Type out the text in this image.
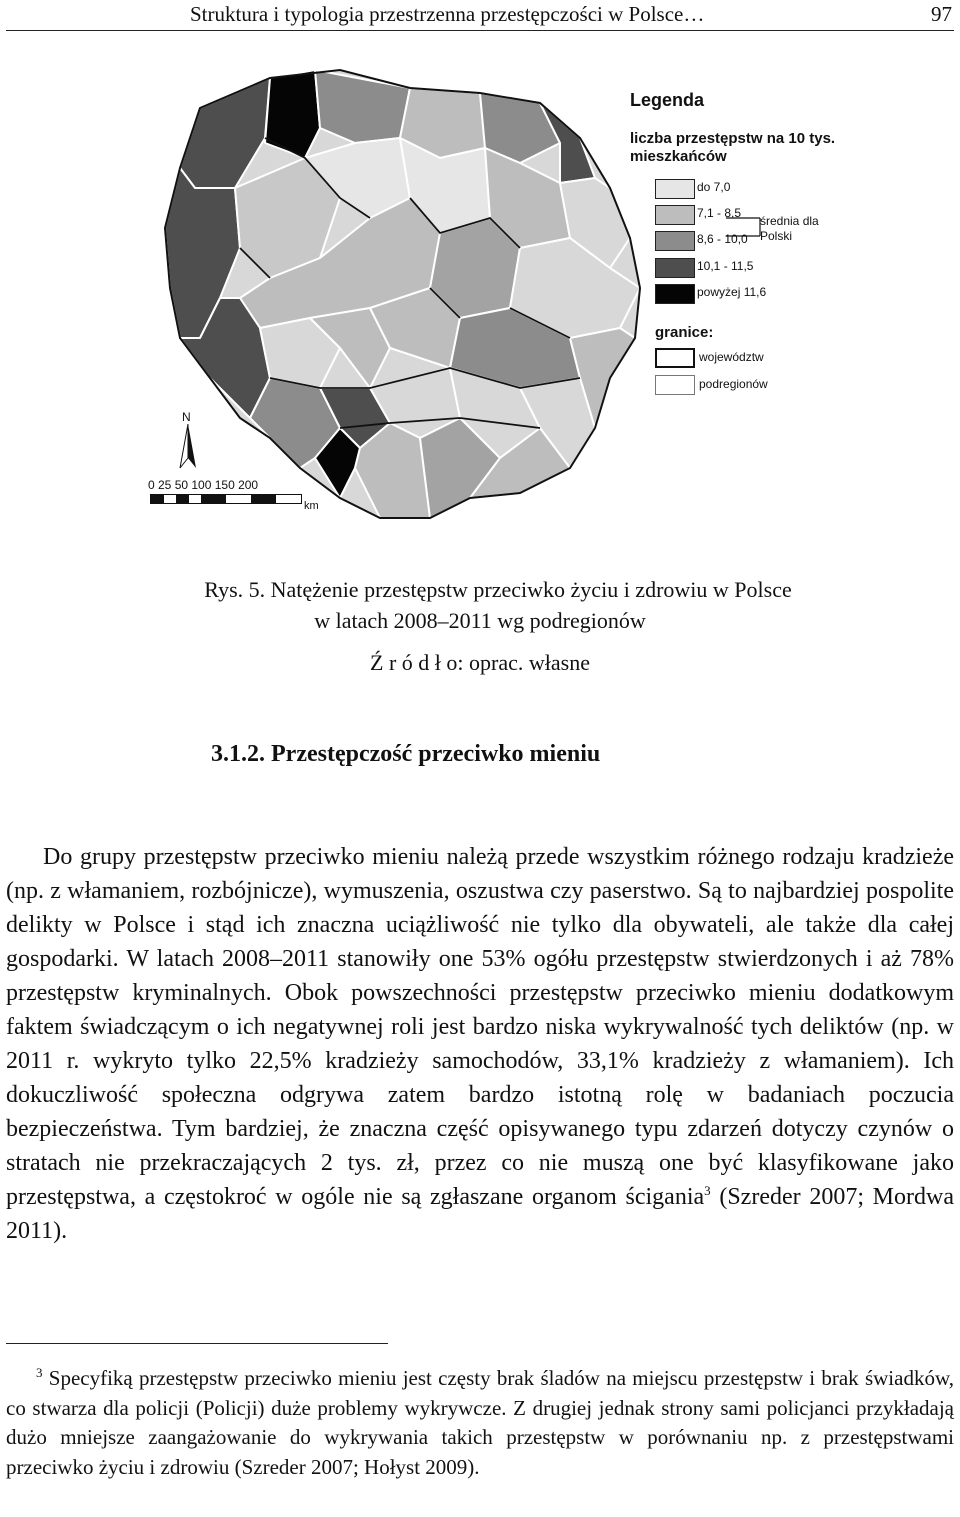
Struktura i typologia przestrzenna przestępczości w Polsce…	97
Legenda
liczba przestępstw na 10 tys. mieszkańców
do 7,0
7,1 - 8,5
8,6 - 10,0
10,1 - 11,5
powyżej 11,6
średnia dla Polski
granice:
województw
podregionów
N
0 25 50 100 150 200
km
Rys. 5. Natężenie przestępstw przeciwko życiu i zdrowiu w Polsce
w latach 2008–2011 wg podregionów
Ź r ó d ł o: oprac. własne
3.1.2. Przestępczość przeciwko mieniu

Do grupy przestępstw przeciwko mieniu należą przede wszystkim różnego rodzaju kradzieże (np. z włamaniem, rozbójnicze), wymuszenia, oszustwa czy paserstwo. Są to najbardziej pospolite delikty w Polsce i stąd ich znaczna uciążliwość nie tylko dla obywateli, ale także dla całej gospodarki. W latach 2008–2011 stanowiły one 53% ogółu przestępstw stwierdzonych i aż 78% przestępstw kryminalnych. Obok powszechności przestępstw przeciwko mieniu dodatkowym faktem świadczącym o ich negatywnej roli jest bardzo niska wykrywalność tych deliktów (np. w 2011 r. wykryto tylko 22,5% kradzieży samochodów, 33,1% kradzieży z włamaniem). Ich dokuczliwość społeczna odgrywa zatem bardzo istotną rolę w badaniach poczucia bezpieczeństwa. Tym bardziej, że znaczna część opisywanego typu zdarzeń dotyczy czynów o stratach nie przekraczających 2 tys. zł, przez co nie muszą one być klasyfikowane jako przestępstwa, a częstokroć w ogóle nie są zgłaszane organom ścigania$^3$ (Szreder 2007; Mordwa 2011).

$^3$ Specyfiką przestępstw przeciwko mieniu jest częsty brak śladów na miejscu przestępstw i brak świadków, co stwarza dla policji (Policji) duże problemy wykrywcze. Z drugiej jednak strony sami policjanci przykładają dużo mniejsze zaangażowanie do wykrywania takich przestępstw w porównaniu np. z przestępstwami przeciwko życiu i zdrowiu (Szreder 2007; Hołyst 2009).
